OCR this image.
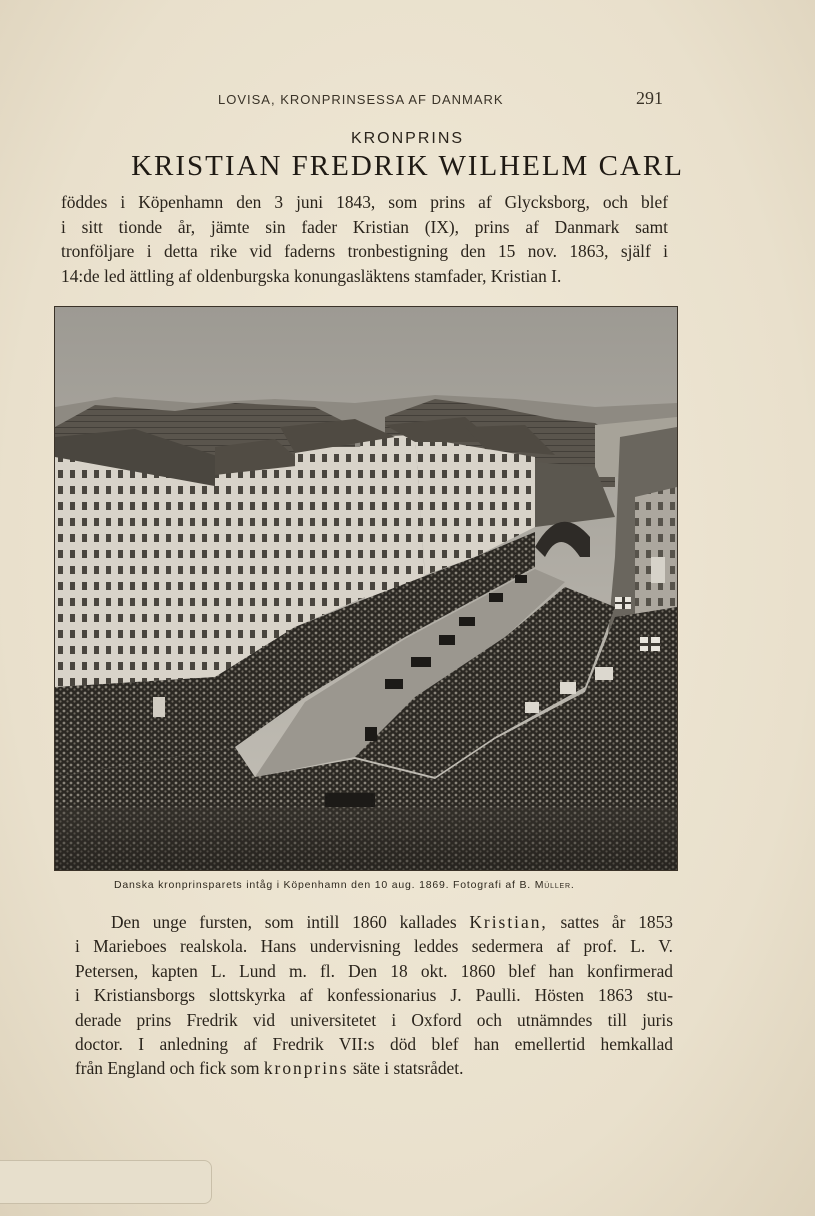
LOVISA, KRONPRINSESSA AF DANMARK	291
KRONPRINS
KRISTIAN FREDRIK WILHELM CARL
föddes i Köpenhamn den 3 juni 1843, som prins af Glycksborg, och blef
i sitt tionde år, jämte sin fader Kristian (IX), prins af Danmark samt
tronföljare i detta rike vid faderns tronbestigning den 15 nov. 1863, själf i
14:de led ättling af oldenburgska konungasläktens stamfader, Kristian I.
Danska kronprinsparets intåg i Köpenhamn den 10 aug. 1869. Fotografi af B. Müller.
Den unge fursten, som intill 1860 kallades Kristian, sattes år 1853
i Marieboes realskola. Hans undervisning leddes sedermera af prof. L. V.
Petersen, kapten L. Lund m. fl. Den 18 okt. 1860 blef han konfirmerad
i Kristiansborgs slottskyrka af konfessionarius J. Paulli. Hösten 1863 stu-
derade prins Fredrik vid universitetet i Oxford och utnämndes till juris
doctor. I anledning af Fredrik VII:s död blef han emellertid hemkallad
från England och fick som kronprins säte i statsrådet.
